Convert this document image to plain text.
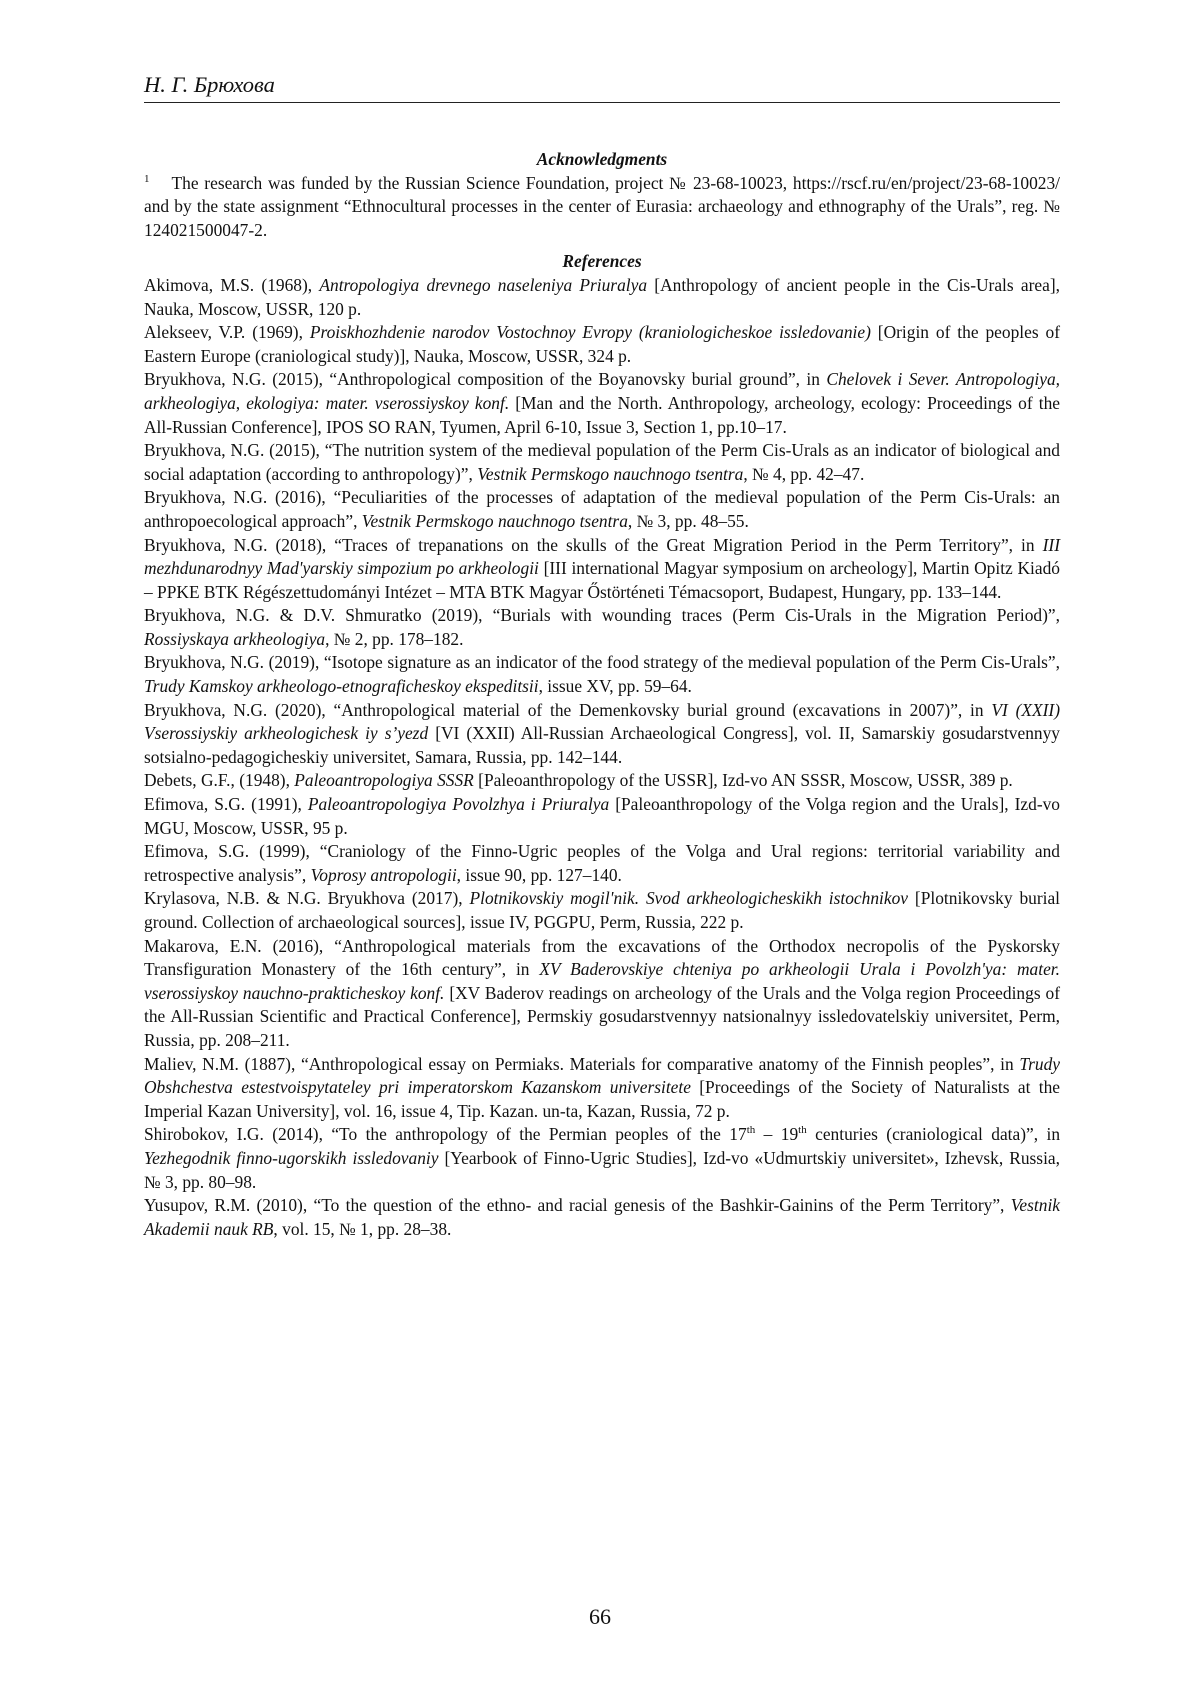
Н. Г. Брюхова

Acknowledgments

1 The research was funded by the Russian Science Foundation, project № 23-68-10023, https://rscf.ru/en/project/23-68-10023/ and by the state assignment “Ethnocultural processes in the center of Eurasia: archaeology and ethnography of the Urals”, reg. № 124021500047-2.

References

Akimova, M.S. (1968), Antropologiya drevnego naseleniya Priuralya [Anthropology of ancient people in the Cis-Urals area], Nauka, Moscow, USSR, 120 p.

Alekseev, V.P. (1969), Proiskhozhdenie narodov Vostochnoy Evropy (kraniologicheskoe issledovanie) [Origin of the peoples of Eastern Europe (craniological study)], Nauka, Moscow, USSR, 324 p.

Bryukhova, N.G. (2015), “Anthropological composition of the Boyanovsky burial ground”, in Chelovek i Sever. Antropologiya, arkheologiya, ekologiya: mater. vserossiyskoy konf. [Man and the North. Anthropology, archeology, ecology: Proceedings of the All-Russian Conference], IPOS SO RAN, Tyumen, April 6-10, Issue 3, Section 1, pp.10–17.

Bryukhova, N.G. (2015), “The nutrition system of the medieval population of the Perm Cis-Urals as an indicator of biological and social adaptation (according to anthropology)”, Vestnik Permskogo nauchnogo tsentra, № 4, pp. 42–47.

Bryukhova, N.G. (2016), “Peculiarities of the processes of adaptation of the medieval population of the Perm Cis-Urals: an anthropoecological approach”, Vestnik Permskogo nauchnogo tsentra, № 3, pp. 48–55.

Bryukhova, N.G. (2018), “Traces of trepanations on the skulls of the Great Migration Period in the Perm Territory”, in III mezhdunarodnyy Mad'yarskiy simpozium po arkheologii [III international Magyar symposium on archeology], Martin Opitz Kiadó – PPKE BTK Régészettudományi Intézet – MTA BTK Magyar Őstörténeti Témacsoport, Budapest, Hungary, pp. 133–144.

Bryukhova, N.G. & D.V. Shmuratko (2019), “Burials with wounding traces (Perm Cis-Urals in the Migration Period)”, Rossiyskaya arkheologiya, № 2, pp. 178–182.

Bryukhova, N.G. (2019), “Isotope signature as an indicator of the food strategy of the medieval population of the Perm Cis-Urals”, Trudy Kamskoy arkheologo-etnograficheskoy ekspeditsii, issue XV, pp. 59–64.

Bryukhova, N.G. (2020), “Anthropological material of the Demenkovsky burial ground (excavations in 2007)”, in VI (XXII) Vserossiyskiy arkheologichesk iy s’yezd [VI (XXII) All-Russian Archaeological Congress], vol. II, Samarskiy gosudarstvennyy sotsialno-pedagogicheskiy universitet, Samara, Russia, pp. 142–144.

Debets, G.F., (1948), Paleoantropologiya SSSR [Paleoanthropology of the USSR], Izd-vo AN SSSR, Moscow, USSR, 389 p.

Efimova, S.G. (1991), Paleoantropologiya Povolzhya i Priuralya [Paleoanthropology of the Volga region and the Urals], Izd-vo MGU, Moscow, USSR, 95 p.

Efimova, S.G. (1999), “Craniology of the Finno-Ugric peoples of the Volga and Ural regions: territorial variability and retrospective analysis”, Voprosy antropologii, issue 90, pp. 127–140.

Krylasova, N.B. & N.G. Bryukhova (2017), Plotnikovskiy mogil'nik. Svod arkheologicheskikh istochnikov [Plotnikovsky burial ground. Collection of archaeological sources], issue IV, PGGPU, Perm, Russia, 222 p.

Makarova, E.N. (2016), “Anthropological materials from the excavations of the Orthodox necropolis of the Pyskorsky Transfiguration Monastery of the 16th century”, in XV Baderovskiye chteniya po arkheologii Urala i Povolzh'ya: mater. vserossiyskoy nauchno-prakticheskoy konf. [XV Baderov readings on archeology of the Urals and the Volga region Proceedings of the All-Russian Scientific and Practical Conference], Permskiy gosudarstvennyy natsionalnyy issledovatelskiy universitet, Perm, Russia, pp. 208–211.

Maliev, N.M. (1887), “Anthropological essay on Permiaks. Materials for comparative anatomy of the Finnish peoples”, in Trudy Obshchestva estestvoispytateley pri imperatorskom Kazanskom universitete [Proceedings of the Society of Naturalists at the Imperial Kazan University], vol. 16, issue 4, Tip. Kazan. un-ta, Kazan, Russia, 72 p.

Shirobokov, I.G. (2014), “To the anthropology of the Permian peoples of the 17th – 19th centuries (craniological data)”, in Yezhegodnik finno-ugorskikh issledovaniy [Yearbook of Finno-Ugric Studies], Izd-vo «Udmurtskiy universitet», Izhevsk, Russia, № 3, pp. 80–98.

Yusupov, R.M. (2010), “To the question of the ethno- and racial genesis of the Bashkir-Gainins of the Perm Territory”, Vestnik Akademii nauk RB, vol. 15, № 1, pp. 28–38.

66
